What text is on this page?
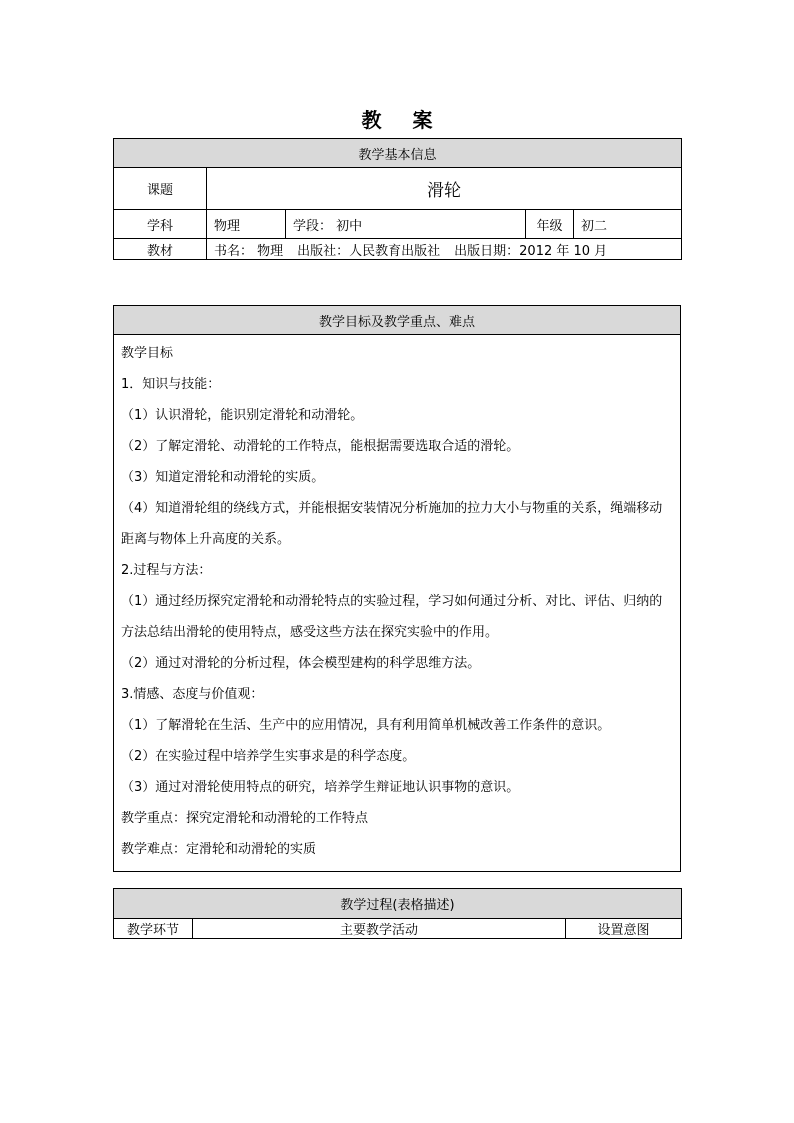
教 案
教学基本信息				
课题	滑轮			
学科	物理	学段： 初中	年级	初二
教材	书名： 物理 出版社：人民教育出版社 出版日期：2012 年 10 月			
教学目标及教学重点、难点

教学目标
1．知识与技能：
（1）认识滑轮，能识别定滑轮和动滑轮。
（2）了解定滑轮、动滑轮的工作特点，能根据需要选取合适的滑轮。
（3）知道定滑轮和动滑轮的实质。
（4）知道滑轮组的绕线方式，并能根据安装情况分析施加的拉力大小与物重的关系，绳端移动距离与物体上升高度的关系。
2.过程与方法：
（1）通过经历探究定滑轮和动滑轮特点的实验过程，学习如何通过分析、对比、评估、归纳的方法总结出滑轮的使用特点，感受这些方法在探究实验中的作用。
（2）通过对滑轮的分析过程，体会模型建构的科学思维方法。
3.情感、态度与价值观：
（1）了解滑轮在生活、生产中的应用情况，具有利用简单机械改善工作条件的意识。
（2）在实验过程中培养学生实事求是的科学态度。
（3）通过对滑轮使用特点的研究，培养学生辩证地认识事物的意识。
教学重点：探究定滑轮和动滑轮的工作特点
教学难点：定滑轮和动滑轮的实质
教学过程(表格描述)
教学环节	主要教学活动	设置意图
